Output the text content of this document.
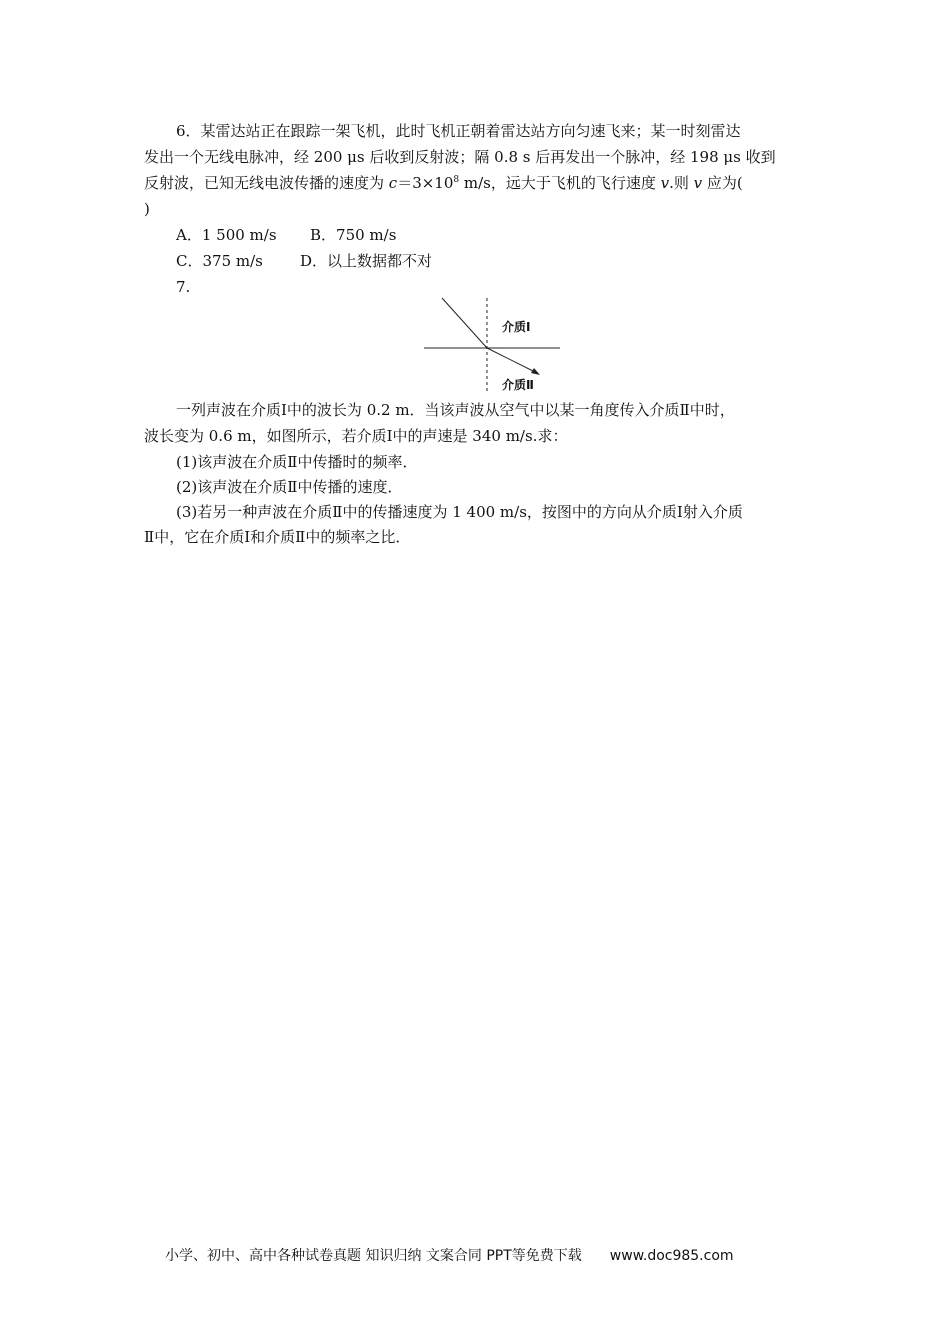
6．某雷达站正在跟踪一架飞机，此时飞机正朝着雷达站方向匀速飞来；某一时刻雷达
发出一个无线电脉冲，经 200 μs 后收到反射波；隔 0.8 s 后再发出一个脉冲，经 198 μs 收到
反射波，已知无线电波传播的速度为 $c=3\times 10^8$ m/s，远大于飞机的飞行速度 v.则 v 应为(
)
A．1 500 m/s B．750 m/s
C．375 m/s D．以上数据都不对
7.
介质Ⅰ
介质Ⅱ
一列声波在介质Ⅰ中的波长为 0.2 m．当该声波从空气中以某一角度传入介质Ⅱ中时，
波长变为 0.6 m，如图所示，若介质Ⅰ中的声速是 340 m/s.求：
(1)该声波在介质Ⅱ中传播时的频率．
(2)该声波在介质Ⅱ中传播的速度．
(3)若另一种声波在介质Ⅱ中的传播速度为 1 400 m/s，按图中的方向从介质Ⅰ射入介质
Ⅱ中，它在介质Ⅰ和介质Ⅱ中的频率之比．
小学、初中、高中各种试卷真题 知识归纳 文案合同 PPT等免费下载 www.doc985.com
